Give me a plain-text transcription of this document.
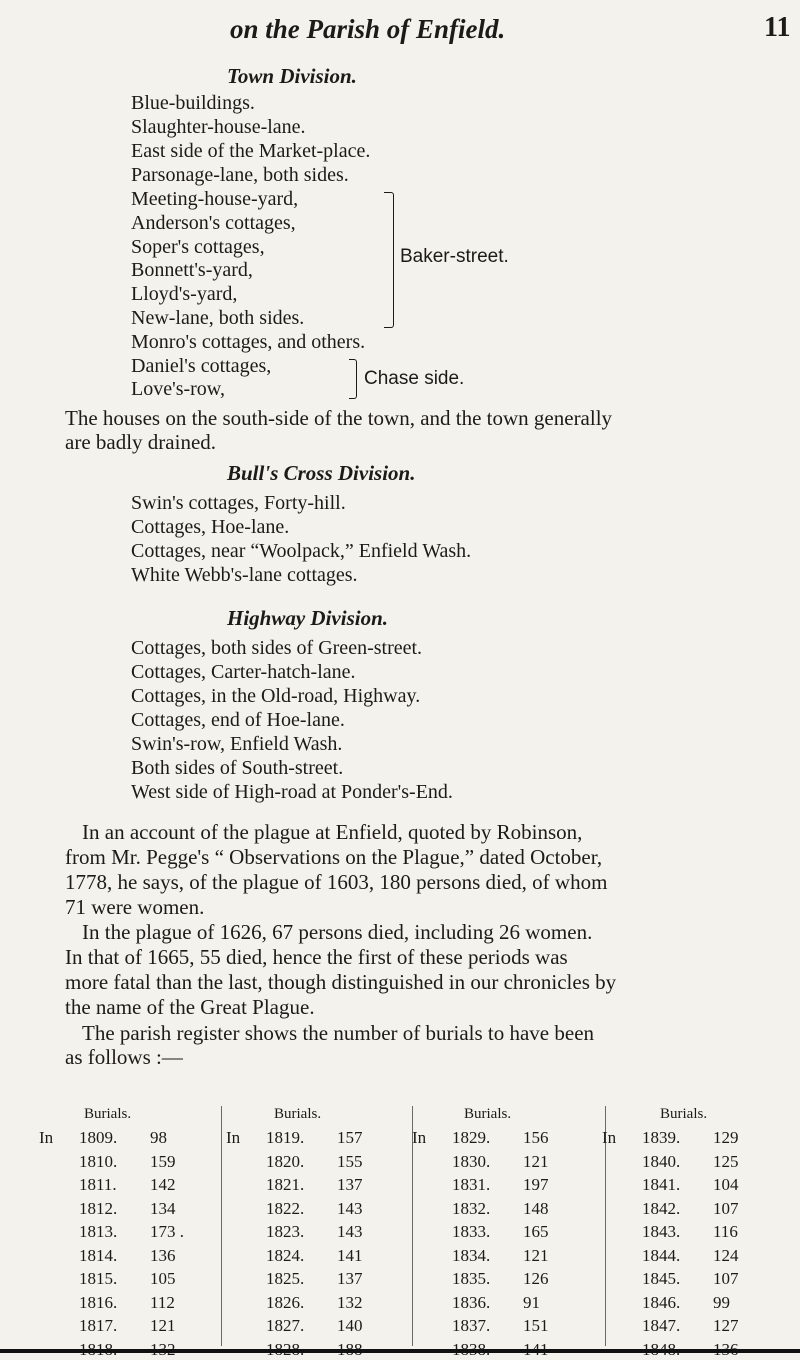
on the Parish of Enfield.	11
Town Division.
Blue-buildings.
Slaughter-house-lane.
East side of the Market-place.
Parsonage-lane, both sides.
Meeting-house-yard,
Anderson's cottages,
Soper's cottages,
Bonnett's-yard,
Lloyd's-yard,
New-lane, both sides.
Baker-street.
Monro's cottages, and others.
Daniel's cottages,
Love's-row,	Chase side.
The houses on the south-side of the town, and the town generally
are badly drained.
Bull's Cross Division.
Swin's cottages, Forty-hill.
Cottages, Hoe-lane.
Cottages, near “Woolpack,” Enfield Wash.
White Webb's-lane cottages.
Highway Division.
Cottages, both sides of Green-street.
Cottages, Carter-hatch-lane.
Cottages, in the Old-road, Highway.
Cottages, end of Hoe-lane.
Swin's-row, Enfield Wash.
Both sides of South-street.
West side of High-road at Ponder's-End.
In an account of the plague at Enfield, quoted by Robinson,
from Mr. Pegge's “ Observations on the Plague,” dated October,
1778, he says, of the plague of 1603, 180 persons died, of whom
71 were women.
In the plague of 1626, 67 persons died, including 26 women.
In that of 1665, 55 died, hence the first of these periods was
more fatal than the last, though distinguished in our chronicles by
the name of the Great Plague.
The parish register shows the number of burials to have been
as follows :—
Burials.
In 1809. 98
1810. 159
1811. 142
1812. 134
1813. 173 .
1814. 136
1815. 105
1816. 112
1817. 121
Burials.
In 1819. 157
1820. 155
1821. 137
1822. 143
1823. 143
1824. 141
1825. 137
1826. 132
1827. 140
Burials.
In 1829. 156
1830. 121
1831. 197
1832. 148
1833. 165
1834. 121
1835. 126
1836. 91
1837. 151
Burials.
In 1839. 129
1840. 125
1841. 104
1842. 107
1843. 116
1844. 124
1845. 107
1846. 99
1847. 127
